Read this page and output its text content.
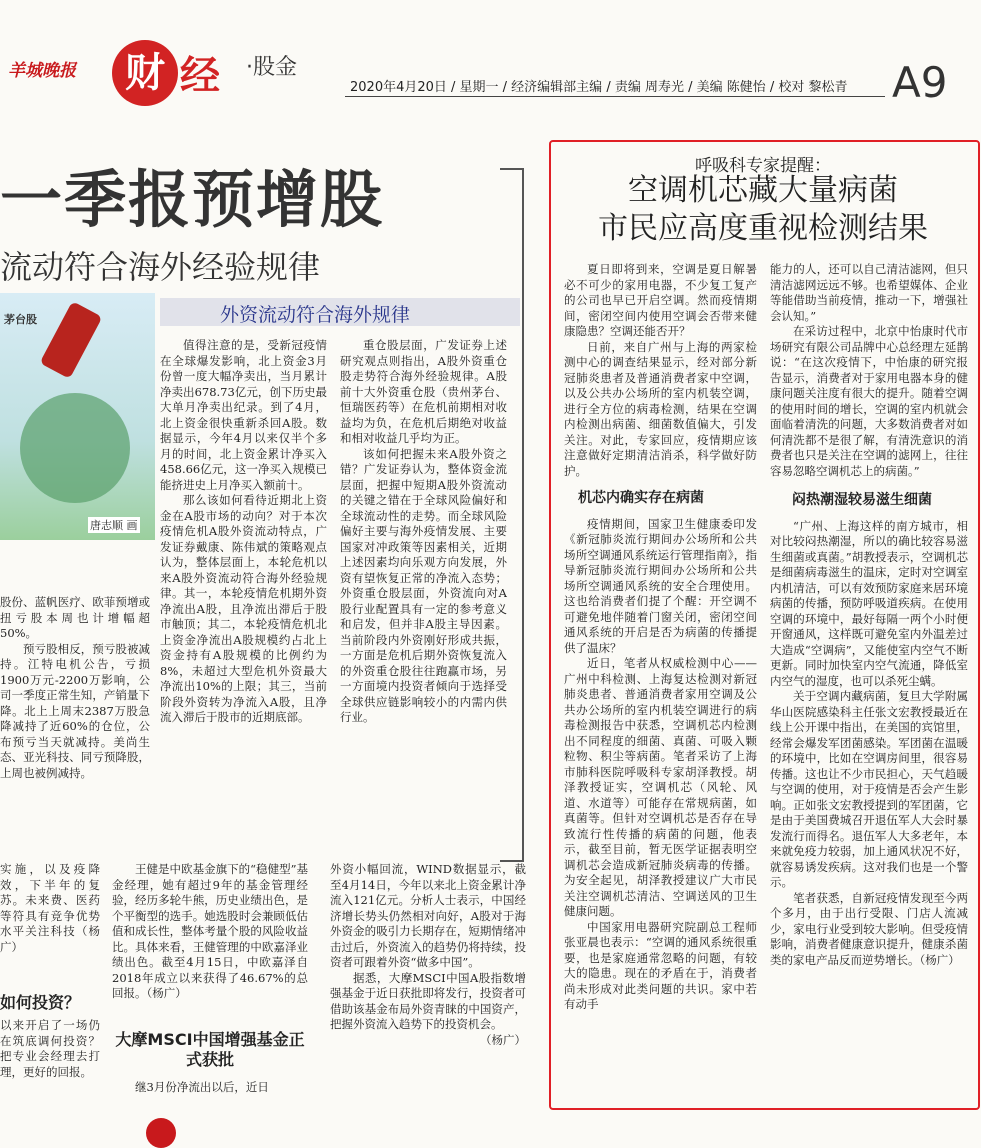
羊城晚报	财 经 ·股金
2020年4月20日 / 星期一 / 经济编辑部主编 / 责编 周寿光 / 美编 陈健怡 / 校对 黎松青 A9
一季报预增股
流动符合海外经验规律
茅台股
唐志顺 画
外资流动符合海外规律

值得注意的是，受新冠疫情在全球爆发影响，北上资金3月份曾一度大幅净卖出，当月累计净卖出678.73亿元，创下历史最大单月净卖出纪录。到了4月，北上资金很快重新杀回A股。数据显示，今年4月以来仅半个多月的时间，北上资金累计净买入458.66亿元，这一净买入规模已能挤进史上月净买入额前十。

那么该如何看待近期北上资金在A股市场的动向？对于本次疫情危机A股外资流动特点，广发证券戴康、陈伟斌的策略观点认为，整体层面上，本轮危机以来A股外资流动符合海外经验规律。其一，本轮疫情危机期外资净流出A股，且净流出滞后于股市触顶；其二，本轮疫情危机北上资金净流出A股规模约占北上资金持有A股规模的比例约为8%，未超过大型危机外资最大净流出10%的上限；其三，当前阶段外资转为净流入A股，且净流入滞后于股市的近期底部。

重仓股层面，广发证券上述研究观点则指出，A股外资重仓股走势符合海外经验规律。A股前十大外资重仓股（贵州茅台、恒瑞医药等）在危机前期相对收益均为负，在危机后期绝对收益和相对收益几乎均为正。

该如何把握未来A股外资之错？广发证券认为，整体资金流层面，把握中短期A股外资流动的关键之错在于全球风险偏好和全球流动性的走势。而全球风险偏好主要与海外疫情发展、主要国家对冲政策等因素相关，近期上述因素均向乐观方向发展，外资有望恢复正常的净流入态势；外资重仓股层面，外资流向对A股行业配置具有一定的参考意义和启发，但并非A股主导因素。当前阶段内外资刚好形成共振，一方面是危机后期外资恢复流入的外资重仓股往往跑赢市场，另一方面境内投资者倾向于选择受全球供应链影响较小的内需内供行业。

股份、蓝帆医疗、欧菲预增或扭亏股本周也计增幅超50%。

预亏股相反，预亏股被减持。江特电机公告，亏损1900万元-2200万影响，公司一季度正常生知，产销量下降。北上上周末2387万股急降减持了近60%的仓位，公布预亏当天就减持。美尚生态、亚光科技、同亏预降股，上周也被例减持。

实施，以及疫降效，下半年的复苏。未来费、医药等符具有竞争优势水平关注科技（杨广）

如何投资？

以来开启了一场仍在筑底调何投资？把专业会经理去打理，更好的回报。

王健是中欧基金旗下的“稳健型”基金经理，她有超过9年的基金管理经验，经历多轮牛熊，历史业绩出色，是个平衡型的选手。她选股时会兼顾低估值和成长性，整体考量个股的风险收益比。具体来看，王健管理的中欧嘉泽业绩出色。截至4月15日，中欧嘉泽自2018年成立以来获得了46.67%的总回报。（杨广）

大摩MSCI中国增强基金正式获批

继3月份净流出以后，近日

外资小幅回流，WIND数据显示，截至4月14日，今年以来北上资金累计净流入121亿元。分析人士表示，中国经济增长势头仍然相对向好，A股对于海外资金的吸引力长期存在，短期情绪冲击过后，外资流入的趋势仍将持续，投资者可跟着外资“做多中国”。

据悉，大摩MSCI中国A股指数增强基金于近日获批即将发行，投资者可借助该基金布局外资青睐的中国资产，把握外资流入趋势下的投资机会。

（杨广）
呼吸科专家提醒：
空调机芯藏大量病菌
市民应高度重视检测结果

夏日即将到来，空调是夏日解暑必不可少的家用电器，不少复工复产的公司也早已开启空调。然而疫情期间，密闭空间内使用空调会否带来健康隐患？空调还能否开？

日前，来自广州与上海的两家检测中心的调查结果显示，经对部分新冠肺炎患者及普通消费者家中空调，以及公共办公场所的室内机装空调，进行全方位的病毒检测，结果在空调内检测出病菌、细菌数值偏大，引发关注。对此，专家回应，疫情期应该注意做好定期清洁消杀，科学做好防护。

机芯内确实存在病菌

疫情期间，国家卫生健康委印发《新冠肺炎流行期间办公场所和公共场所空调通风系统运行管理指南》，指导新冠肺炎流行期间办公场所和公共场所空调通风系统的安全合理使用。这也给消费者们提了个醒：开空调不可避免地伴随着门窗关闭，密闭空间通风系统的开启是否为病菌的传播提供了温床？

近日，笔者从权威检测中心——广州中科检测、上海复达检测对新冠肺炎患者、普通消费者家用空调及公共办公场所的室内机装空调进行的病毒检测报告中获悉，空调机芯内检测出不同程度的细菌、真菌、可吸入颗粒物、积尘等病菌。笔者采访了上海市肺科医院呼吸科专家胡泽教授。胡泽教授证实，空调机芯（风轮、风道、水道等）可能存在常规病菌，如真菌等。但针对空调机芯是否存在导致流行性传播的病菌的问题，他表示，截至目前，暂无医学证据表明空调机芯会造成新冠肺炎病毒的传播。为安全起见，胡泽教授建议广大市民关注空调机芯清洁、空调送风的卫生健康问题。

中国家用电器研究院副总工程师张亚晨也表示：“空调的通风系统很重要，也是家庭通常忽略的问题，有较大的隐患。现在的矛盾在于，消费者尚未形成对此类问题的共识。家中若有动手

能力的人，还可以自己清洁滤网，但只清洁滤网远远不够。也希望媒体、企业等能借助当前疫情，推动一下，增强社会认知。”

在采访过程中，北京中怡康时代市场研究有限公司品牌中心总经理左延鹊说：“在这次疫情下，中怡康的研究报告显示，消费者对于家用电器本身的健康问题关注度有很大的提升。随着空调的使用时间的增长，空调的室内机就会面临着清洗的问题，大多数消费者对如何清洗都不是很了解，有清洗意识的消费者也只是关注在空调的滤网上，往往容易忽略空调机芯上的病菌。”

闷热潮湿较易滋生细菌

“广州、上海这样的南方城市，相对比较闷热潮湿，所以的确比较容易滋生细菌或真菌。”胡教授表示，空调机芯是细菌病毒滋生的温床，定时对空调室内机清洁，可以有效预防家庭来居环境病菌的传播，预防呼吸道疾病。在使用空调的环境中，最好每隔一两个小时便开窗通风，这样既可避免室内外温差过大造成“空调病”，又能使室内空气不断更新。同时加快室内空气流通，降低室内空气的湿度，也可以杀死尘螨。

关于空调内藏病菌，复旦大学附属华山医院感染科主任张文宏教授最近在线上公开课中指出，在美国的宾馆里，经常会爆发军团菌感染。军团菌在温暖的环境中，比如在空调房间里，很容易传播。这也让不少市民担心，天气趋暖与空调的使用，对于疫情是否会产生影响。正如张文宏教授提到的军团菌，它是由于美国费城召开退伍军人大会时暴发流行而得名。退伍军人大多老年，本来就免疫力较弱，加上通风状况不好，就容易诱发疾病。这对我们也是一个警示。

笔者获悉，自新冠疫情发现至今两个多月，由于出行受限、门店人流减少，家电行业受到较大影响。但受疫情影响，消费者健康意识提升，健康杀菌类的家电产品反而逆势增长。（杨广）
